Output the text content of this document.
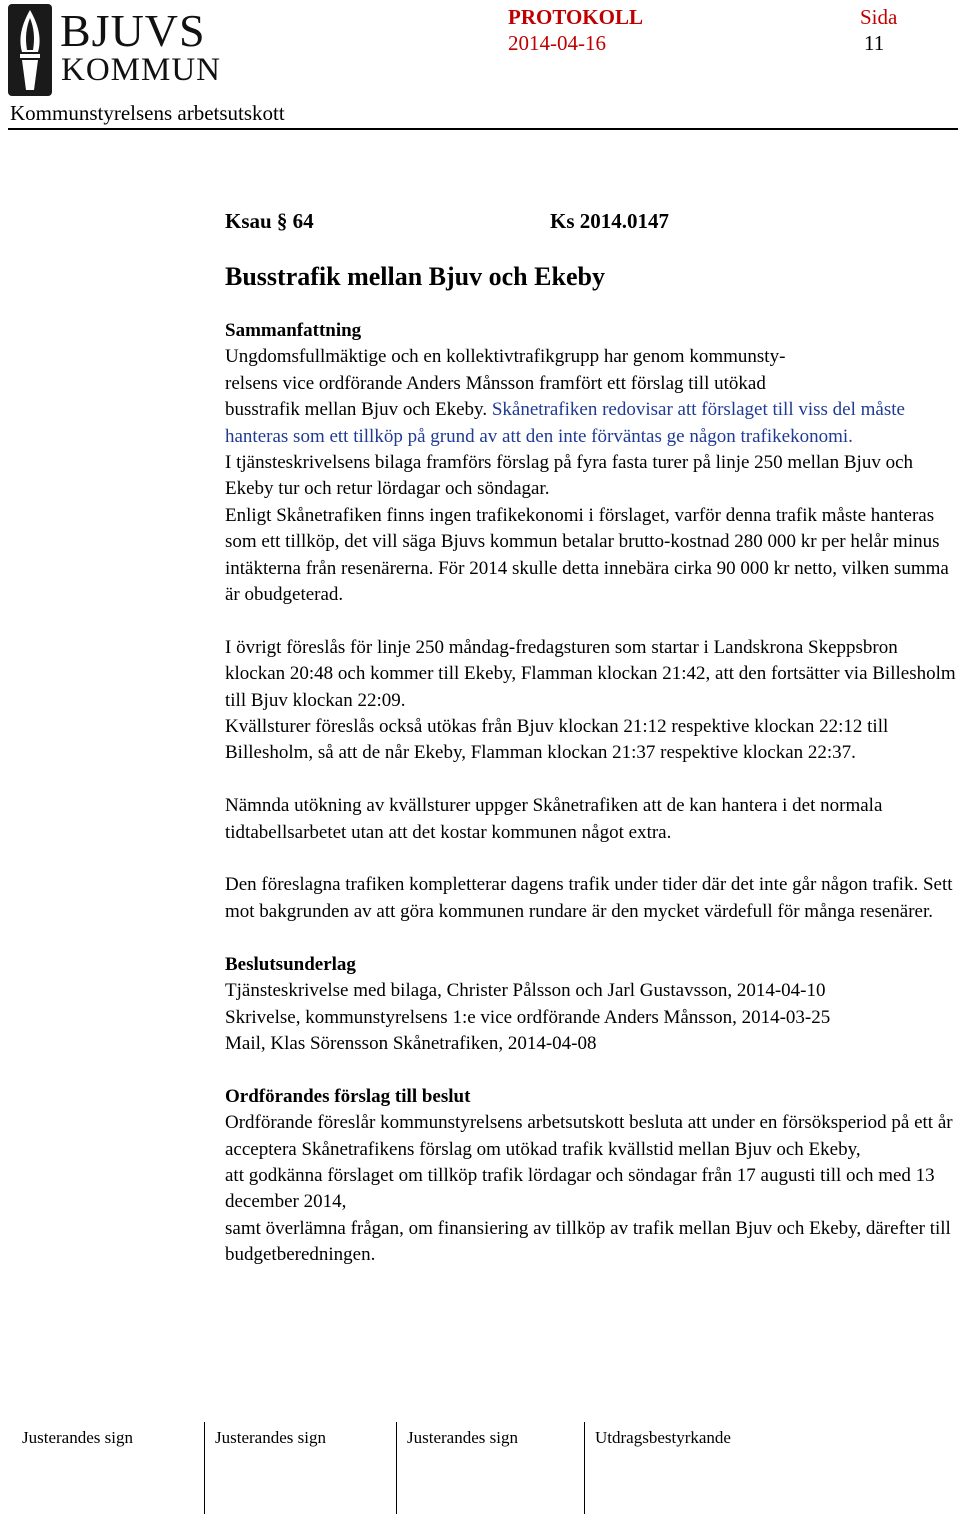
BJUVS
KOMMUN
PROTOKOLL
2014-04-16
Sida
11
Kommunstyrelsens arbetsutskott
Ksau § 64	Ks 2014.0147
Busstrafik mellan Bjuv och Ekeby
Sammanfattning

Ungdomsfullmäktige och en kollektivtrafikgrupp har genom kommunsty-
relsens vice ordförande Anders Månsson framfört ett förslag till utökad
busstrafik mellan Bjuv och Ekeby. Skånetrafiken redovisar att förslaget till viss del måste hanteras som ett tillköp på grund av att den inte förväntas ge någon trafikekonomi.

I tjänsteskrivelsens bilaga framförs förslag på fyra fasta turer på linje 250 mellan Bjuv och Ekeby tur och retur lördagar och söndagar.

Enligt Skånetrafiken finns ingen trafikekonomi i förslaget, varför denna trafik måste hanteras som ett tillköp, det vill säga Bjuvs kommun betalar brutto-kostnad 280 000 kr per helår minus intäkterna från resenärerna. För 2014 skulle detta innebära cirka 90 000 kr netto, vilken summa är obudgeterad.

I övrigt föreslås för linje 250 måndag-fredagsturen som startar i Landskrona Skeppsbron klockan 20:48 och kommer till Ekeby, Flamman klockan 21:42, att den fortsätter via Billesholm till Bjuv klockan 22:09.

Kvällsturer föreslås också utökas från Bjuv klockan 21:12 respektive klockan 22:12 till Billesholm, så att de når Ekeby, Flamman klockan 21:37 respektive klockan 22:37.

Nämnda utökning av kvällsturer uppger Skånetrafiken att de kan hantera i det normala tidtabellsarbetet utan att det kostar kommunen något extra.

Den föreslagna trafiken kompletterar dagens trafik under tider där det inte går någon trafik. Sett mot bakgrunden av att göra kommunen rundare är den mycket värdefull för många resenärer.

Beslutsunderlag

Tjänsteskrivelse med bilaga, Christer Pålsson och Jarl Gustavsson, 2014-04-10

Skrivelse, kommunstyrelsens 1:e vice ordförande Anders Månsson, 2014-03-25

Mail, Klas Sörensson Skånetrafiken, 2014-04-08

Ordförandes förslag till beslut

Ordförande föreslår kommunstyrelsens arbetsutskott besluta att under en försöksperiod på ett år acceptera Skånetrafikens förslag om utökad trafik kvällstid mellan Bjuv och Ekeby,

att godkänna förslaget om tillköp trafik lördagar och söndagar från 17 augusti till och med 13 december 2014,

samt överlämna frågan, om finansiering av tillköp av trafik mellan Bjuv och Ekeby, därefter till budgetberedningen.

Justerandes sign	Justerandes sign	Justerandes sign	Utdragsbestyrkande
